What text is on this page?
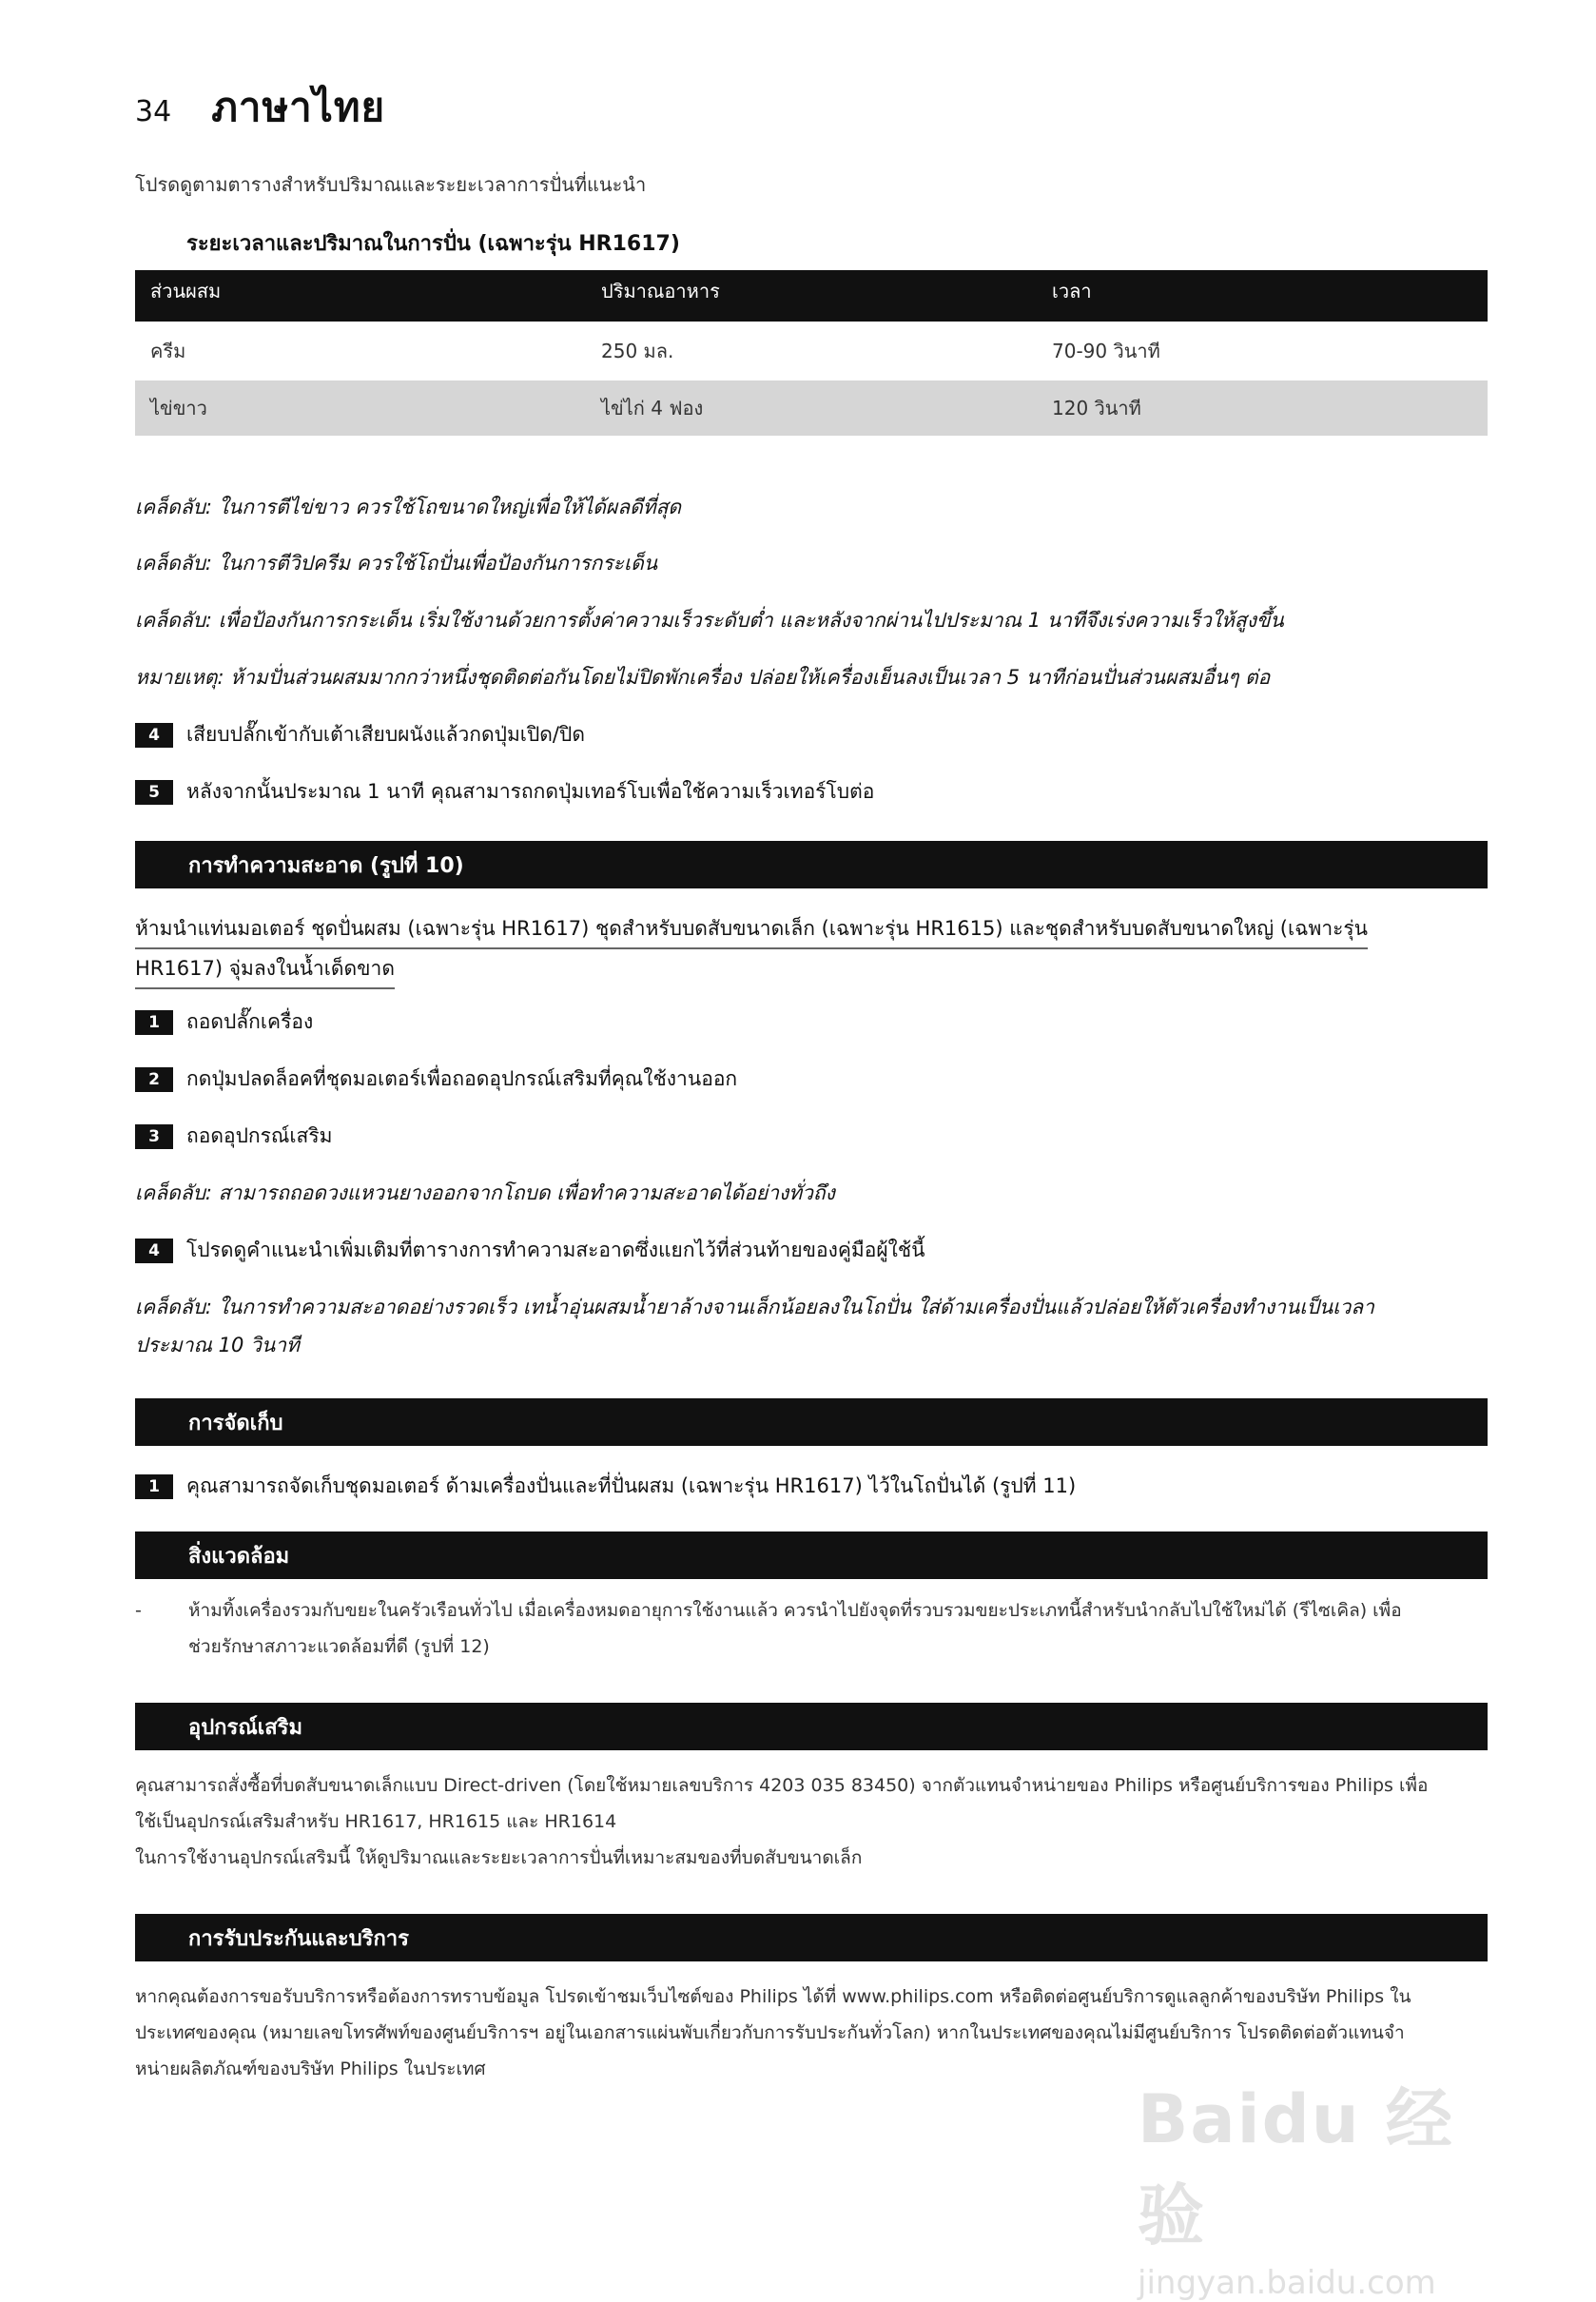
34 ภาษาไทย
โปรดดูตามตารางสำหรับปริมาณและระยะเวลาการปั่นที่แนะนำ
ระยะเวลาและปริมาณในการปั่น (เฉพาะรุ่น HR1617)
ส่วนผสม	ปริมาณอาหาร	เวลา
ครีม	250 มล.	70-90 วินาที
ไข่ขาว	ไข่ไก่ 4 ฟอง	120 วินาที
เคล็ดลับ: ในการตีไข่ขาว ควรใช้โถขนาดใหญ่เพื่อให้ได้ผลดีที่สุด
เคล็ดลับ: ในการตีวิปครีม ควรใช้โถปั่นเพื่อป้องกันการกระเด็น
เคล็ดลับ: เพื่อป้องกันการกระเด็น เริ่มใช้งานด้วยการตั้งค่าความเร็วระดับต่ำ และหลังจากผ่านไปประมาณ 1 นาทีจึงเร่งความเร็วให้สูงขึ้น
หมายเหตุ: ห้ามปั่นส่วนผสมมากกว่าหนึ่งชุดติดต่อกันโดยไม่ปิดพักเครื่อง ปล่อยให้เครื่องเย็นลงเป็นเวลา 5 นาทีก่อนปั่นส่วนผสมอื่นๆ ต่อ
4	เสียบปลั๊กเข้ากับเต้าเสียบผนังแล้วกดปุ่มเปิด/ปิด
5	หลังจากนั้นประมาณ 1 นาที คุณสามารถกดปุ่มเทอร์โบเพื่อใช้ความเร็วเทอร์โบต่อ
การทำความสะอาด (รูปที่ 10)
ห้ามนำแท่นมอเตอร์ ชุดปั่นผสม (เฉพาะรุ่น HR1617) ชุดสำหรับบดสับขนาดเล็ก (เฉพาะรุ่น HR1615) และชุดสำหรับบดสับขนาดใหญ่ (เฉพาะรุ่น
HR1617) จุ่มลงในน้ำเด็ดขาด
1	ถอดปลั๊กเครื่อง
2	กดปุ่มปลดล็อคที่ชุดมอเตอร์เพื่อถอดอุปกรณ์เสริมที่คุณใช้งานออก
3	ถอดอุปกรณ์เสริม
เคล็ดลับ: สามารถถอดวงแหวนยางออกจากโถบด เพื่อทำความสะอาดได้อย่างทั่วถึง
4	โปรดดูคำแนะนำเพิ่มเติมที่ตารางการทำความสะอาดซึ่งแยกไว้ที่ส่วนท้ายของคู่มือผู้ใช้นี้
เคล็ดลับ: ในการทำความสะอาดอย่างรวดเร็ว เทน้ำอุ่นผสมน้ำยาล้างจานเล็กน้อยลงในโถปั่น ใส่ด้ามเครื่องปั่นแล้วปล่อยให้ตัวเครื่องทำงานเป็นเวลา
ประมาณ 10 วินาที
การจัดเก็บ
1	คุณสามารถจัดเก็บชุดมอเตอร์ ด้ามเครื่องปั่นและที่ปั่นผสม (เฉพาะรุ่น HR1617) ไว้ในโถปั่นได้ (รูปที่ 11)
สิ่งแวดล้อม
-	ห้ามทิ้งเครื่องรวมกับขยะในครัวเรือนทั่วไป เมื่อเครื่องหมดอายุการใช้งานแล้ว ควรนำไปยังจุดที่รวบรวมขยะประเภทนี้สำหรับนำกลับไปใช้ใหม่ได้ (รีไซเคิล) เพื่อ
ช่วยรักษาสภาวะแวดล้อมที่ดี (รูปที่ 12)
อุปกรณ์เสริม
คุณสามารถสั่งซื้อที่บดสับขนาดเล็กแบบ Direct-driven (โดยใช้หมายเลขบริการ 4203 035 83450) จากตัวแทนจำหน่ายของ Philips หรือศูนย์บริการของ Philips เพื่อ
ใช้เป็นอุปกรณ์เสริมสำหรับ HR1617, HR1615 และ HR1614
ในการใช้งานอุปกรณ์เสริมนี้ ให้ดูปริมาณและระยะเวลาการปั่นที่เหมาะสมของที่บดสับขนาดเล็ก
การรับประกันและบริการ
หากคุณต้องการขอรับบริการหรือต้องการทราบข้อมูล โปรดเข้าชมเว็บไซต์ของ Philips ได้ที่ www.philips.com หรือติดต่อศูนย์บริการดูแลลูกค้าของบริษัท Philips ใน
ประเทศของคุณ (หมายเลขโทรศัพท์ของศูนย์บริการฯ อยู่ในเอกสารแผ่นพับเกี่ยวกับการรับประกันทั่วโลก) หากในประเทศของคุณไม่มีศูนย์บริการ โปรดติดต่อตัวแทนจำ
หน่ายผลิตภัณฑ์ของบริษัท Philips ในประเทศ
Baidu 经验
jingyan.baidu.com
